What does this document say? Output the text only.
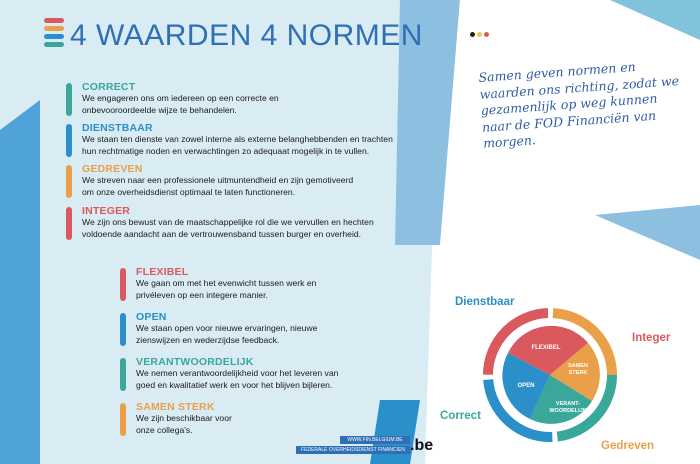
4 WAARDEN 4 NORMEN
CORRECT
We engageren ons om iedereen op een correcte en
onbevooroordeelde wijze te behandelen.
DIENSTBAAR
We staan ten dienste van zowel interne als externe belanghebbenden en trachten
hun rechtmatige noden en verwachtingen zo adequaat mogelijk in te vullen.
GEDREVEN
We streven naar een professionele uitmuntendheid en zijn gemotiveerd
om onze overheidsdienst optimaal te laten functioneren.
INTEGER
We zijn ons bewust van de maatschappelijke rol die we vervullen en hechten
voldoende aandacht aan de vertrouwensband tussen burger en overheid.
FLEXIBEL
We gaan om met het evenwicht tussen werk en
privéleven op een integere manier.
OPEN
We staan open voor nieuwe ervaringen, nieuwe
zienswijzen en wederzijdse feedback.
VERANTWOORDELIJK
We nemen verantwoordelijkheid voor het leveren van
goed en kwalitatief werk en voor het blijven bijleren.
SAMEN STERK
We zijn beschikbaar voor
onze collega's.
Samen geven normen en waarden ons richting, zodat we gezamenlijk op weg kunnen naar de FOD Financiën van morgen.
FLEXIBEL
SAMEN
STERK
OPEN
VERANT-
WOORDELIJK
Dienstbaar
Integer
Correct
Gedreven
WWW.FIN.BELGIUM.BE
FEDERALE OVERHEIDSDIENST FINANCIEN .be
